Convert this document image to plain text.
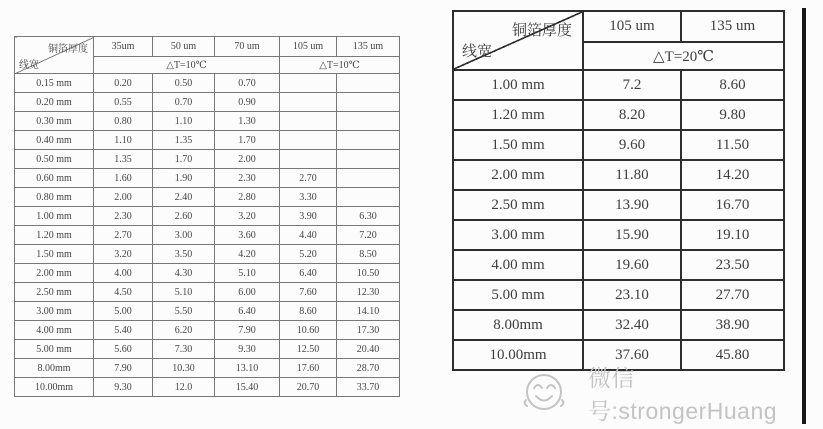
铜箔厚度
线宽	35um	50 um	70 um	105 um	135 um
	△T=10℃			△T=10℃	
0.15 mm	0.20	0.50	0.70		
0.20 mm	0.55	0.70	0.90		
0.30 mm	0.80	1.10	1.30		
0.40 mm	1.10	1.35	1.70		
0.50 mm	1.35	1.70	2.00		
0.60 mm	1.60	1.90	2.30	2.70	
0.80 mm	2.00	2.40	2.80	3.30	
1.00 mm	2.30	2.60	3.20	3.90	6.30
1.20 mm	2.70	3.00	3.60	4.40	7.20
1.50 mm	3.20	3.50	4.20	5.20	8.50
2.00 mm	4.00	4.30	5.10	6.40	10.50
2.50 mm	4.50	5.10	6.00	7.60	12.30
3.00 mm	5.00	5.50	6.40	8.60	14.10
4.00 mm	5.40	6.20	7.90	10.60	17.30
5.00 mm	5.60	7.30	9.30	12.50	20.40
8.00mm	7.90	10.30	13.10	17.60	28.70
10.00mm	9.30	12.0	15.40	20.70	33.70
铜箔厚度
线宽	105 um	135 um
	△T=20℃	
1.00 mm	7.2	8.60
1.20 mm	8.20	9.80
1.50 mm	9.60	11.50
2.00 mm	11.80	14.20
2.50 mm	13.90	16.70
3.00 mm	15.90	19.10
4.00 mm	19.60	23.50
5.00 mm	23.10	27.70
8.00mm	32.40	38.90
10.00mm	37.60	45.80
微信号:strongerHuang
